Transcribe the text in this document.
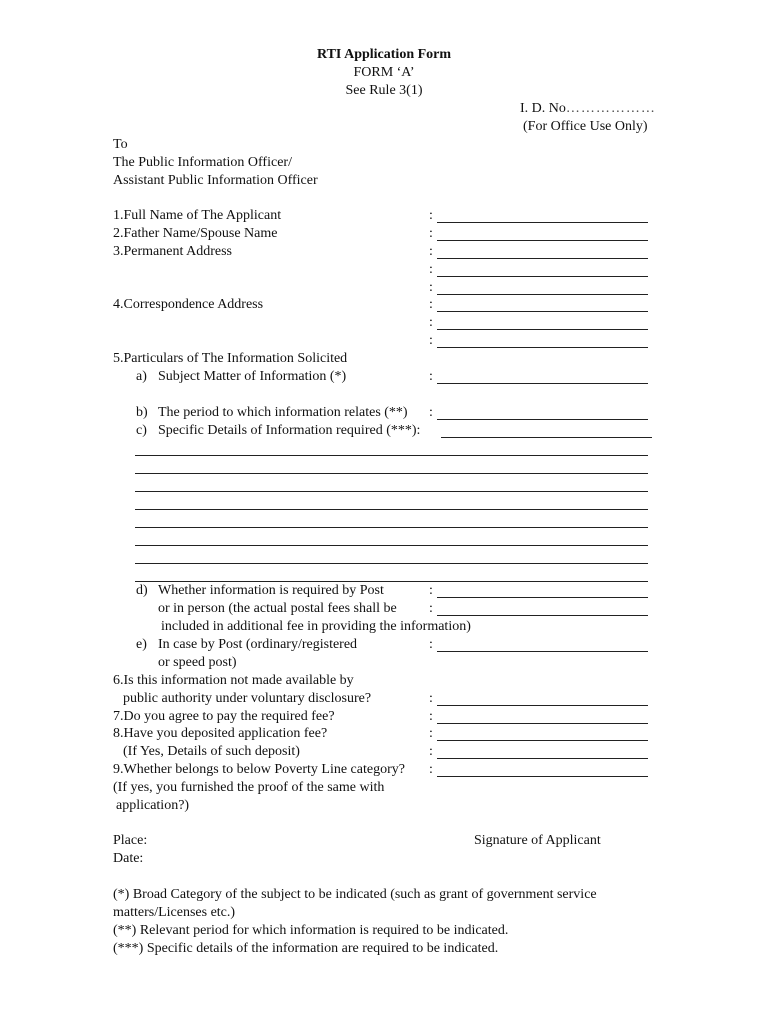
RTI Application Form
FORM ‘A’
See Rule 3(1)
I. D. No………………
(For Office Use Only)
To
The Public Information Officer/
Assistant Public Information Officer
1.Full Name of The Applicant	:
2.Father Name/Spouse Name	:
3.Permanent Address	:
:
:
4.Correspondence Address	:
:
:
5.Particulars of The Information Solicited
a) Subject Matter of Information (*)	:
b) The period to which information relates (**) :
c) Specific Details of Information required (***):
d) Whether information is required by Post	:
or in person (the actual postal fees shall be :
included in additional fee in providing the information)
e) In case by Post (ordinary/registered	:
or speed post)
6.Is this information not made available by
public authority under voluntary disclosure?	:
7.Do you agree to pay the required fee?	:
8.Have you deposited application fee?	:
(If Yes, Details of such deposit)	:
9.Whether belongs to below Poverty Line category? :
(If yes, you furnished the proof of the same with
application?)
Place:	Signature of Applicant
Date:
(*) Broad Category of the subject to be indicated (such as grant of government service
matters/Licenses etc.)
(**) Relevant period for which information is required to be indicated.
(***) Specific details of the information are required to be indicated.
